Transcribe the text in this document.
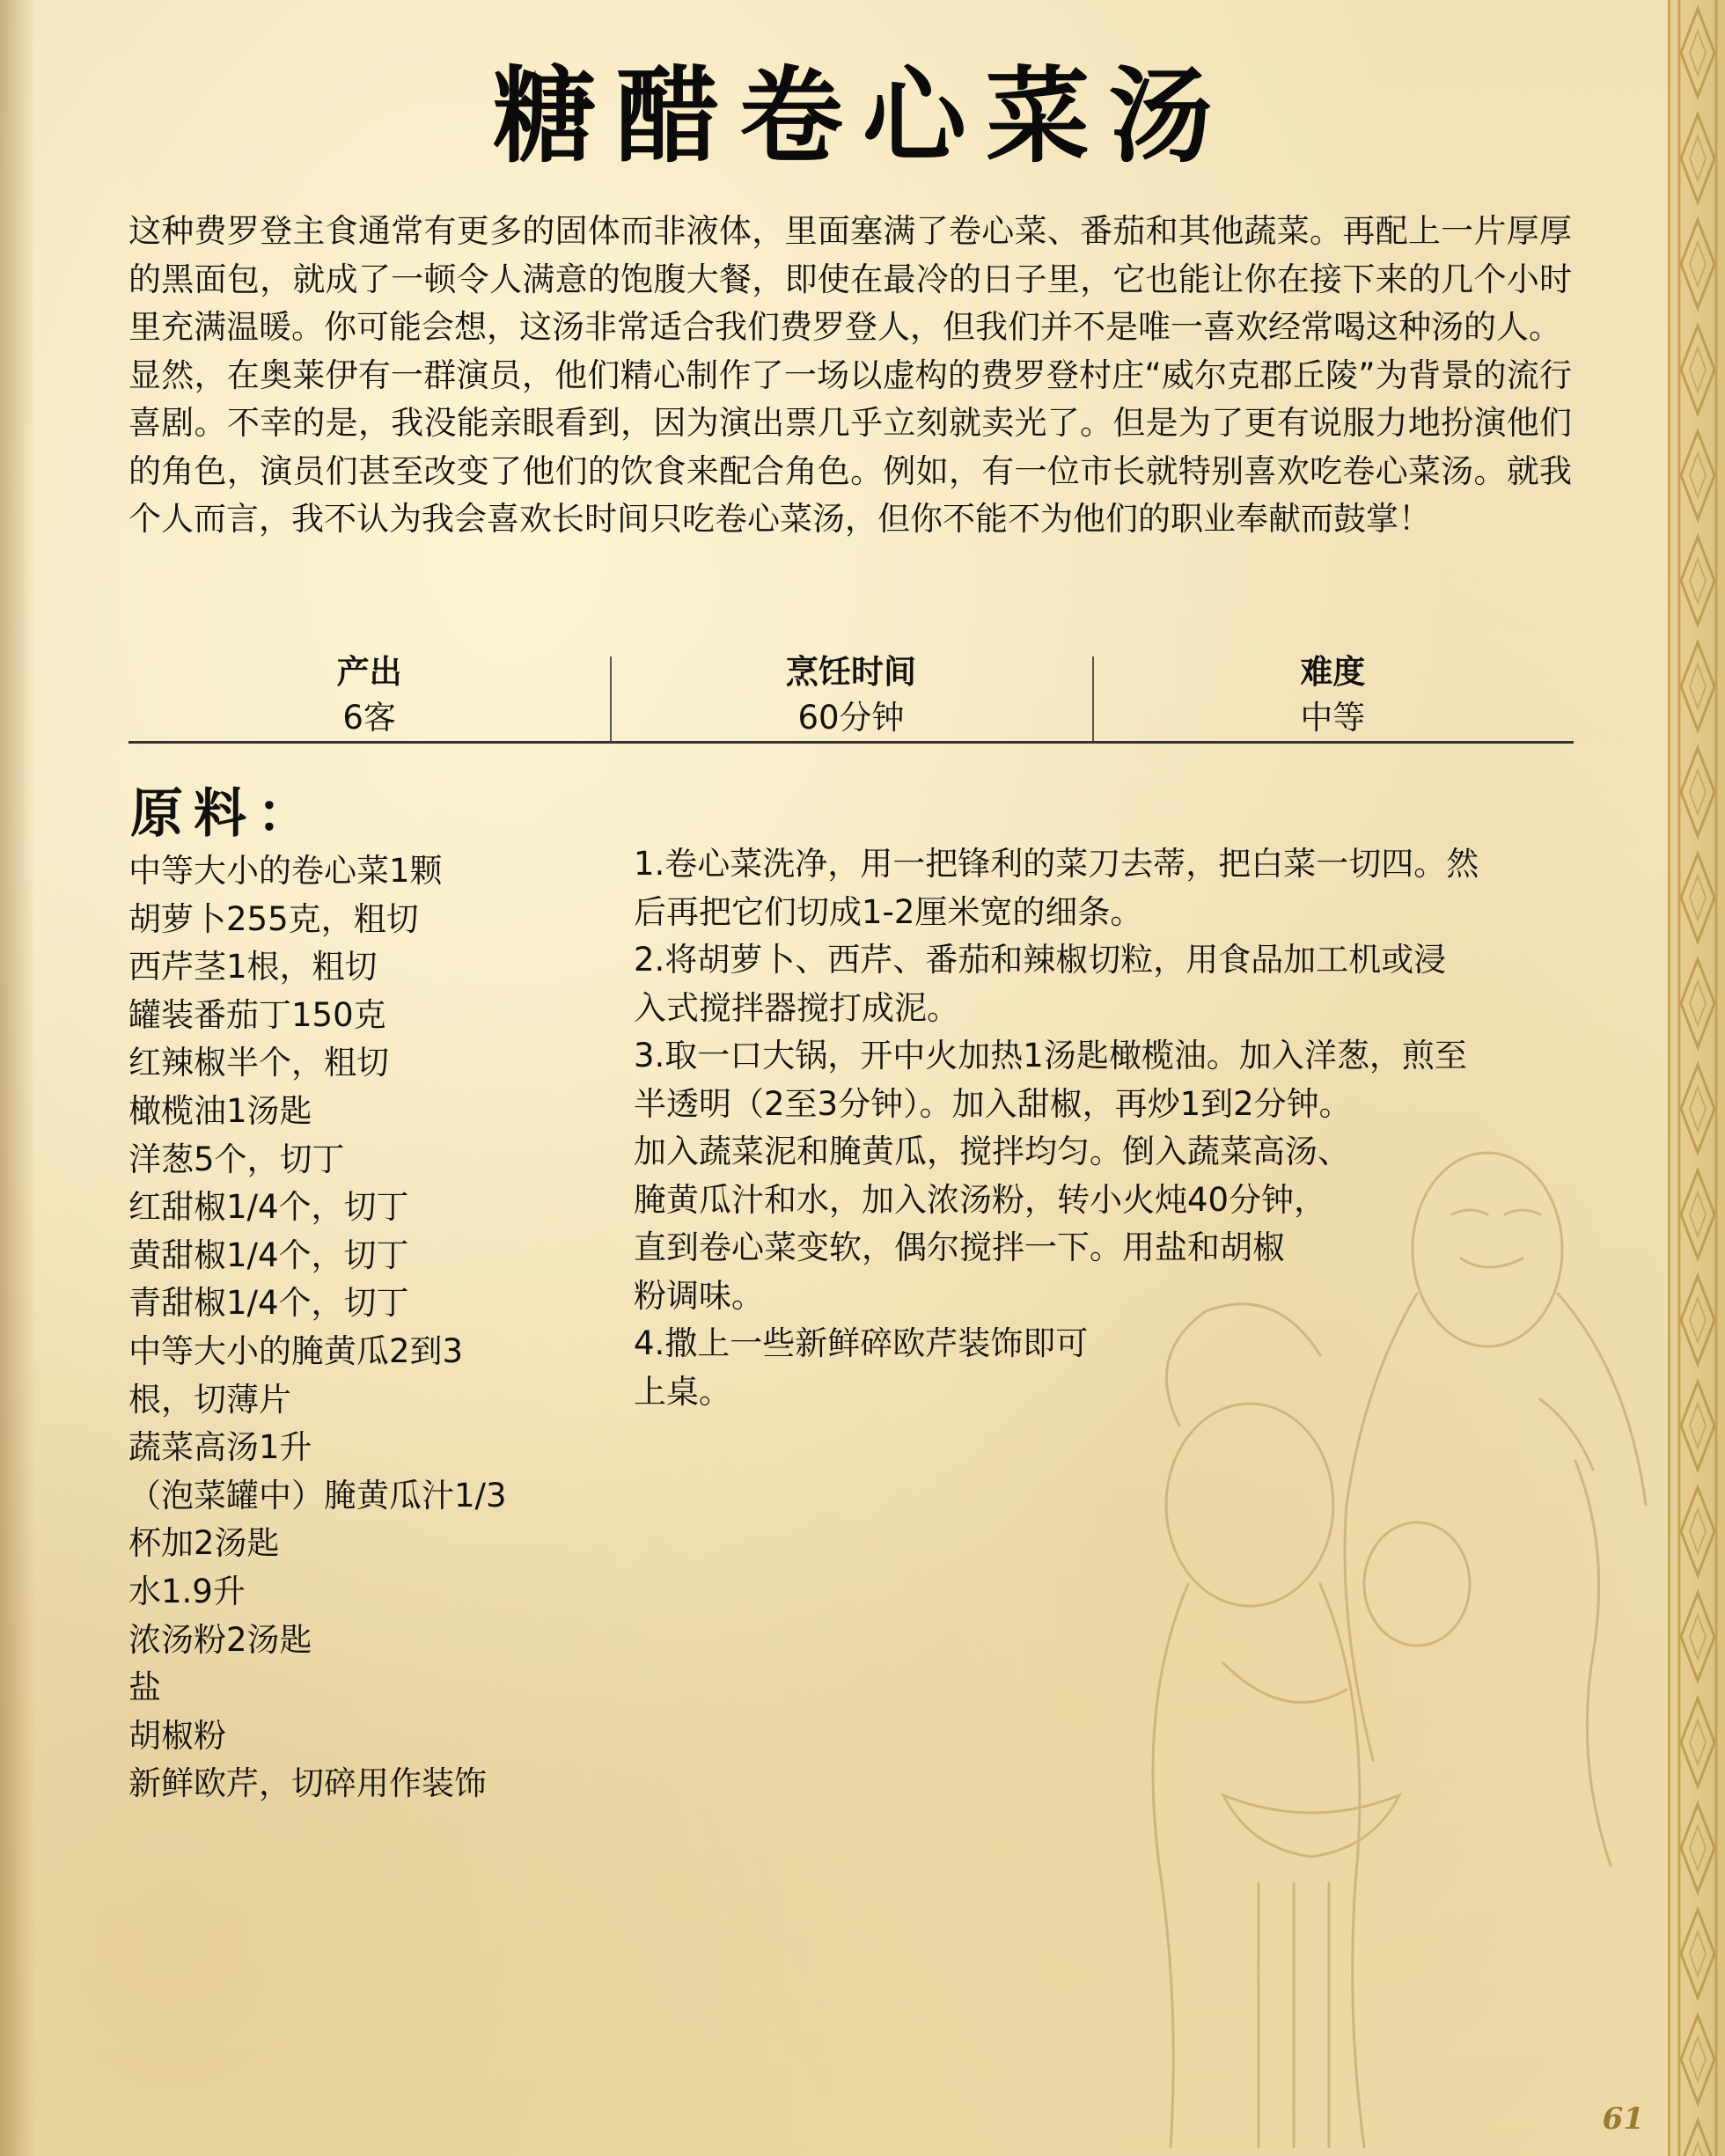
糖醋卷心菜汤

这种费罗登主食通常有更多的固体而非液体，里面塞满了卷心菜、番茄和其他蔬菜。再配上一片厚厚的黑面包，就成了一顿令人满意的饱腹大餐，即使在最冷的日子里，它也能让你在接下来的几个小时里充满温暖。你可能会想，这汤非常适合我们费罗登人，但我们并不是唯一喜欢经常喝这种汤的人。

显然，在奥莱伊有一群演员，他们精心制作了一场以虚构的费罗登村庄“威尔克郡丘陵”为背景的流行喜剧。不幸的是，我没能亲眼看到，因为演出票几乎立刻就卖光了。但是为了更有说服力地扮演他们的角色，演员们甚至改变了他们的饮食来配合角色。例如，有一位市长就特别喜欢吃卷心菜汤。就我个人而言，我不认为我会喜欢长时间只吃卷心菜汤，但你不能不为他们的职业奉献而鼓掌！

产出
6客
烹饪时间
60分钟
难度
中等
原料：
中等大小的卷心菜1颗
胡萝卜255克，粗切
西芹茎1根，粗切
罐装番茄丁150克
红辣椒半个，粗切
橄榄油1汤匙
洋葱5个，切丁
红甜椒1/4个，切丁
黄甜椒1/4个，切丁
青甜椒1/4个，切丁
中等大小的腌黄瓜2到3
根，切薄片
蔬菜高汤1升
（泡菜罐中）腌黄瓜汁1/3
杯加2汤匙
水1.9升
浓汤粉2汤匙
盐
胡椒粉
新鲜欧芹，切碎用作装饰
1.卷心菜洗净，用一把锋利的菜刀去蒂，把白菜一切四。然
后再把它们切成1-2厘米宽的细条。
2.将胡萝卜、西芹、番茄和辣椒切粒，用食品加工机或浸
入式搅拌器搅打成泥。
3.取一口大锅，开中火加热1汤匙橄榄油。加入洋葱，煎至
半透明（2至3分钟）。加入甜椒，再炒1到2分钟。
加入蔬菜泥和腌黄瓜，搅拌均匀。倒入蔬菜高汤、
腌黄瓜汁和水，加入浓汤粉，转小火炖40分钟，
直到卷心菜变软，偶尔搅拌一下。用盐和胡椒
粉调味。
4.撒上一些新鲜碎欧芹装饰即可
上桌。
61
